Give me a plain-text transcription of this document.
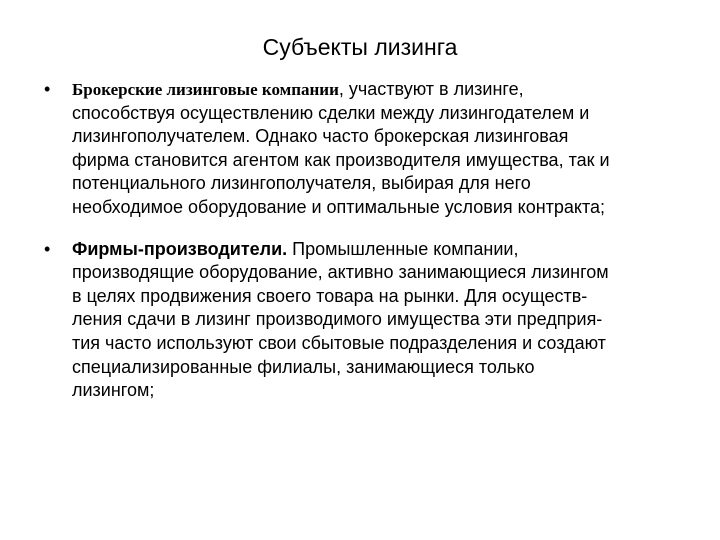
Субъекты лизинга
•	Брокерские лизинговые компании, участвуют в лизинге,
способствуя осуществлению сделки между лизингодателем и
лизингополучателем. Однако часто брокерская лизинговая
фирма становится агентом как производителя имущества, так и
потенциального лизингополучателя, выбирая для него
необходимое оборудование и оптимальные условия контракта;
•	Фирмы-производители. Промышленные компании,
производящие оборудование, активно занимающиеся лизингом
в целях продвижения своего товара на рынки. Для осуществ-
ления сдачи в лизинг производимого имущества эти предприя-
тия часто используют свои сбытовые подразделения и создают
специализированные филиалы, занимающиеся только
лизингом;
